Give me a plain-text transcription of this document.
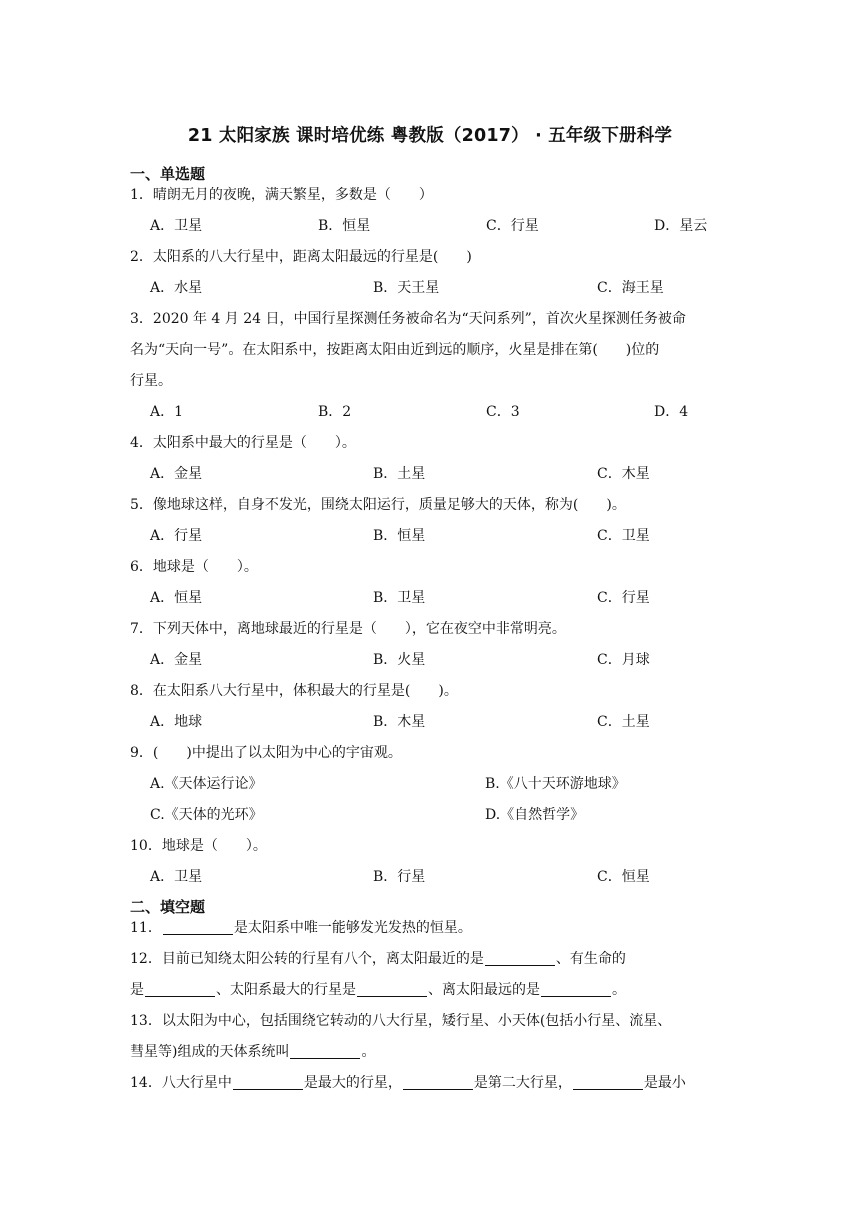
21 太阳家族 课时培优练 粤教版（2017） · 五年级下册科学
一、单选题
1．晴朗无月的夜晚，满天繁星，多数是（　　）
A．卫星	B．恒星	C．行星	D．星云
2．太阳系的八大行星中，距离太阳最远的行星是(　　)
A．水星	B．天王星	C．海王星
3．2020 年 4 月 24 日，中国行星探测任务被命名为“天问系列”，首次火星探测任务被命
名为“天向一号”。在太阳系中，按距离太阳由近到远的顺序，火星是排在第(　　)位的
行星。
A．1	B．2	C．3	D．4
4．太阳系中最大的行星是（　　）。
A．金星	B．土星	C．木星
5．像地球这样，自身不发光，围绕太阳运行，质量足够大的天体，称为(　　)。
A．行星	B．恒星	C．卫星
6．地球是（　　）。
A．恒星	B．卫星	C．行星
7．下列天体中，离地球最近的行星是（　　），它在夜空中非常明亮。
A．金星	B．火星	C．月球
8．在太阳系八大行星中，体积最大的行星是(　　)。
A．地球	B．木星	C．土星
9．(　　)中提出了以太阳为中心的宇宙观。
A.《天体运行论》	B.《八十天环游地球》
C.《天体的光环》	D.《自然哲学》
10．地球是（　　）。
A．卫星	B．行星	C．恒星
二、填空题
11．	是太阳系中唯一能够发光发热的恒星。
12．目前已知绕太阳公转的行星有八个，离太阳最近的是	、有生命的
是	、太阳系最大的行星是	、离太阳最远的是	。
13．以太阳为中心，包括围绕它转动的八大行星，矮行星、小天体(包括小行星、流星、
彗星等)组成的天体系统叫	。
14．八大行星中	是最大的行星，	是第二大行星，	是最小
